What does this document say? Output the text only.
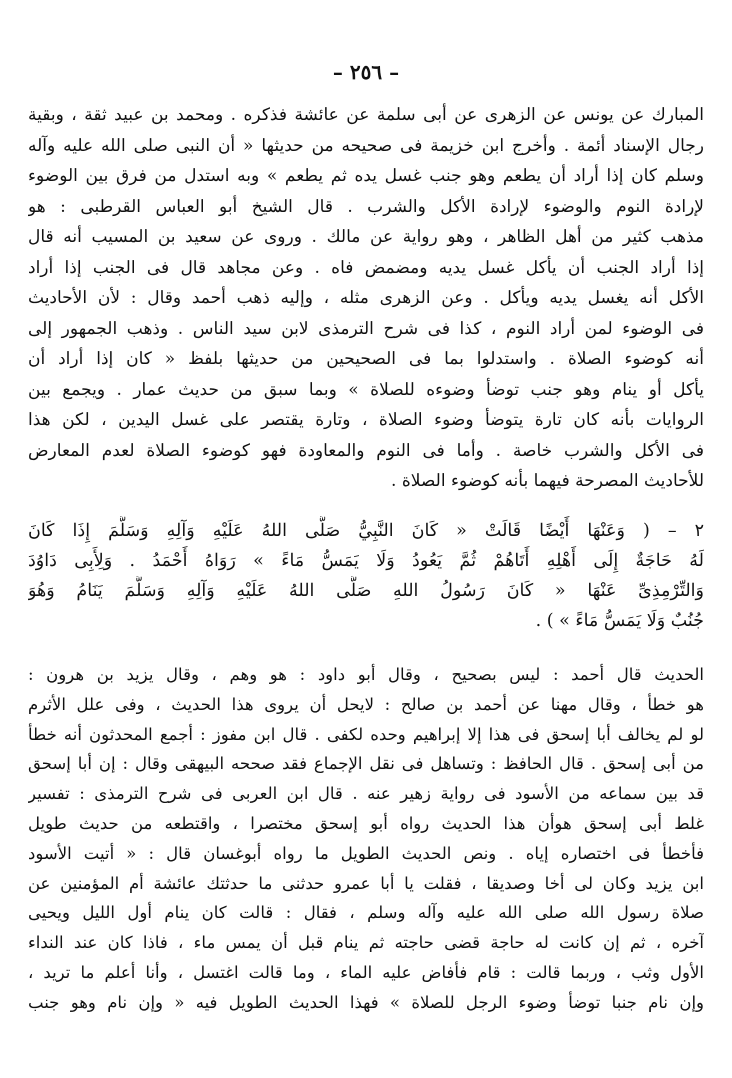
– ٢٥٦ –
المبارك عن يونس عن الزهرى عن أبى سلمة عن عائشة فذكره . ومحمد بن عبيد ثقة ، وبقية
رجال الإسناد أئمة . وأخرج ابن خزيمة فى صحيحه من حديثها « أن النبى صلى الله عليه وآله
وسلم كان إذا أراد أن يطعم وهو جنب غسل يده ثم يطعم » وبه استدل من فرق بين الوضوء
لإرادة النوم والوضوء لإرادة الأكل والشرب . قال الشيخ أبو العباس القرطبى : هو
مذهب كثير من أهل الظاهر ، وهو رواية عن مالك . وروى عن سعيد بن المسيب أنه قال
إذا أراد الجنب أن يأكل غسل يديه ومضمض فاه . وعن مجاهد قال فى الجنب إذا أراد
الأكل أنه يغسل يديه ويأكل . وعن الزهرى مثله ، وإليه ذهب أحمد وقال : لأن الأحاديث
فى الوضوء لمن أراد النوم ، كذا فى شرح الترمذى لابن سيد الناس . وذهب الجمهور إلى
أنه كوضوء الصلاة . واستدلوا بما فى الصحيحين من حديثها بلفظ « كان إذا أراد أن
يأكل أو ينام وهو جنب توضأ وضوءه للصلاة » وبما سبق من حديث عمار . ويجمع بين
الروايات بأنه كان تارة يتوضأ وضوء الصلاة ، وتارة يقتصر على غسل اليدين ، لكن هذا
فى الأكل والشرب خاصة . وأما فى النوم والمعاودة فهو كوضوء الصلاة لعدم المعارض
للأحاديث المصرحة فيهما بأنه كوضوء الصلاة .
٢ – ( وَعَنْهَا أَيْضًا قَالَتْ « كَانَ النَّبِيُّ صَلَّى اللهُ عَلَيْهِ وَآلِهِ وَسَلَّمَ إِذَا كَانَ
لَهُ حَاجَةٌ إِلَى أَهْلِهِ أَتَاهُمْ ثُمَّ يَعُودُ وَلَا يَمَسُّ مَاءً » رَوَاهُ أَحْمَدُ . وَلِأَبِى دَاوُدَ
وَالتِّرْمِذِىِّ عَنْهَا « كَانَ رَسُولُ اللهِ صَلَّى اللهُ عَلَيْهِ وَآلِهِ وَسَلَّمَ يَنَامُ وَهُوَ
جُنُبٌ وَلَا يَمَسُّ مَاءً » ) .
الحديث قال أحمد : ليس بصحيح ، وقال أبو داود : هو وهم ، وقال يزيد بن هرون :
هو خطأ ، وقال مهنا عن أحمد بن صالح : لايحل أن يروى هذا الحديث ، وفى علل الأثرم
لو لم يخالف أبا إسحق فى هذا إلا إبراهيم وحده لكفى . قال ابن مفوز : أجمع المحدثون أنه خطأ
من أبى إسحق . قال الحافظ : وتساهل فى نقل الإجماع فقد صححه البيهقى وقال : إن أبا إسحق
قد بين سماعه من الأسود فى رواية زهير عنه . قال ابن العربى فى شرح الترمذى : تفسير
غلط أبى إسحق هوأن هذا الحديث رواه أبو إسحق مختصرا ، واقتطعه من حديث طويل
فأخطأ فى اختصاره إياه . ونص الحديث الطويل ما رواه أبوغسان قال : « أتيت الأسود
ابن يزيد وكان لى أخا وصديقا ، فقلت يا أبا عمرو حدثنى ما حدثتك عائشة أم المؤمنين عن
صلاة رسول الله صلى الله عليه وآله وسلم ، فقال : قالت كان ينام أول الليل ويحيى
آخره ، ثم إن كانت له حاجة قضى حاجته ثم ينام قبل أن يمس ماء ، فاذا كان عند النداء
الأول وثب ، وربما قالت : قام فأفاض عليه الماء ، وما قالت اغتسل ، وأنا أعلم ما تريد ،
وإن نام جنبا توضأ وضوء الرجل للصلاة » فهذا الحديث الطويل فيه « وإن نام وهو جنب
